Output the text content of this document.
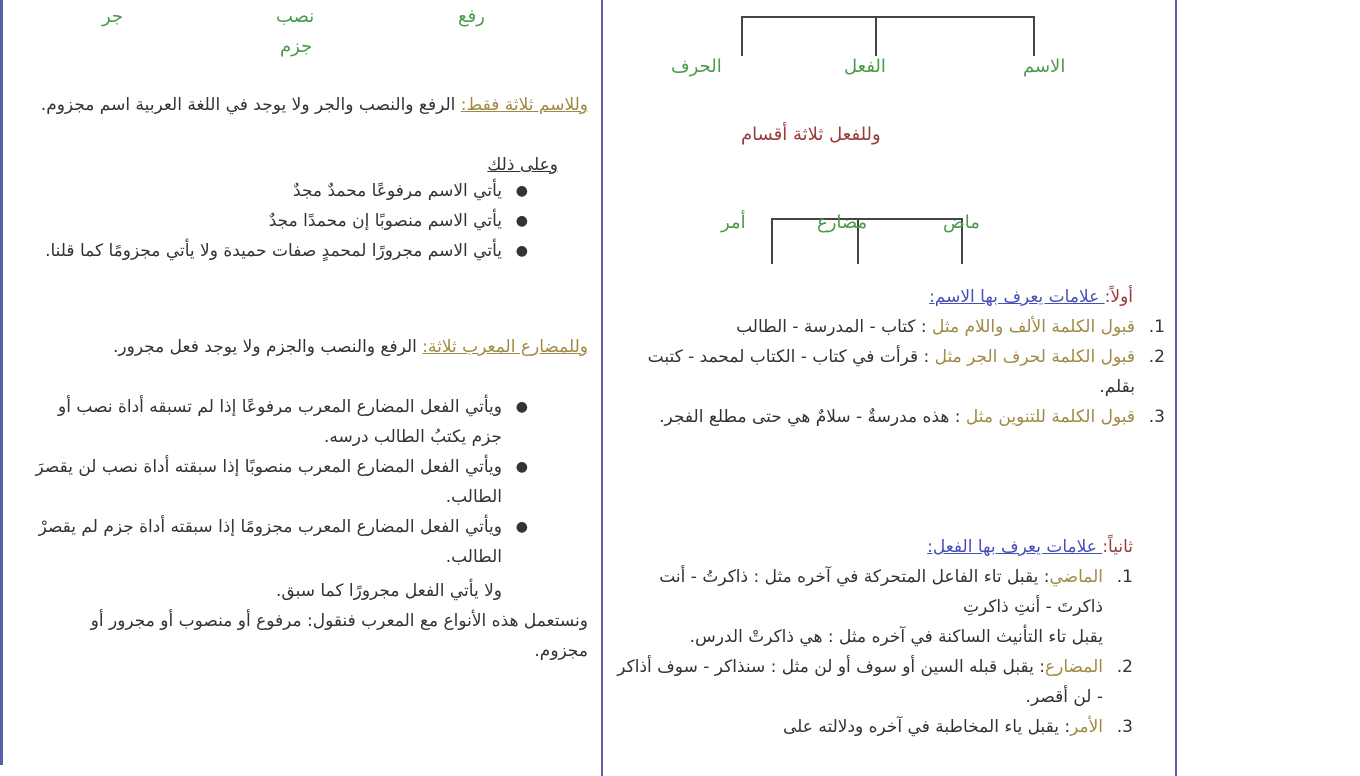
جر	نصب	رفع
جزم
وللاسم ثلاثة فقط: الرفع والنصب والجر ولا يوجد في اللغة العربية اسم مجزوم.
وعلى ذلك
●
يأتي الاسم مرفوعًا محمدٌ مجدٌ
●
يأتي الاسم منصوبًا إن محمدًا مجدٌ
●
يأتي الاسم مجرورًا لمحمدٍ صفات حميدة ولا يأتي مجزومًا كما قلنا.
وللمضارع المعرب ثلاثة: الرفع والنصب والجزم ولا يوجد فعل مجرور.
●
ويأتي الفعل المضارع المعرب مرفوعًا إذا لم تسبقه أداة نصب أو جزم يكتبُ الطالب درسه.
●
ويأتي الفعل المضارع المعرب منصوبًا إذا سبقته أداة نصب لن يقصرَ الطالب.
●
ويأتي الفعل المضارع المعرب مجزومًا إذا سبقته أداة جزم لم يقصرْ الطالب.
ولا يأتي الفعل مجرورًا كما سبق.
ونستعمل هذه الأنواع مع المعرب فنقول: مرفوع أو منصوب أو مجرور أو مجزوم.
الاسم
الفعل
الحرف
وللفعل ثلاثة أقسام
ماض
مضارع
أمر
أولاً: علامات يعرف بها الاسم:
1.
قبول الكلمة الألف واللام مثل : كتاب - المدرسة - الطالب
2.
قبول الكلمة لحرف الجر مثل : قرأت في كتاب - الكتاب لمحمد - كتبت بقلم.
3.
قبول الكلمة للتنوين مثل : هذه مدرسةٌ - سلامٌ هي حتى مطلع الفجر.
ثانياً: علامات يعرف بها الفعل:
1.
الماضي: يقبل تاء الفاعل المتحركة في آخره مثل : ذاكرتُ - أنت ذاكرتَ - أنتِ ذاكرتِ
يقبل تاء التأنيث الساكنة في آخره مثل : هي ذاكرتْ الدرس.
2.
المضارع: يقبل قبله السين أو سوف أو لن مثل : سنذاكر - سوف أذاكر - لن أقصر.
3.
الأمر: يقبل ياء المخاطبة في آخره ودلالته على
